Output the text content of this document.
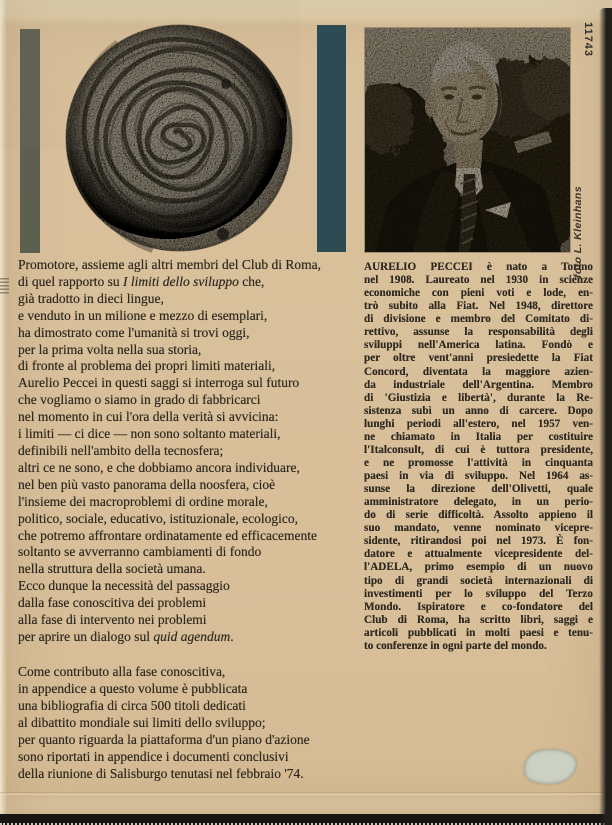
11743
foto L. Kleinhans
Promotore, assieme agli altri membri del Club di Roma,
di quel rapporto su I limiti dello sviluppo che,
già tradotto in dieci lingue,
e venduto in un milione e mezzo di esemplari,
ha dimostrato come l'umanità si trovi oggi,
per la prima volta nella sua storia,
di fronte al problema dei propri limiti materiali,
Aurelio Peccei in questi saggi si interroga sul futuro
che vogliamo o siamo in grado di fabbricarci
nel momento in cui l'ora della verità si avvicina:
i limiti — ci dice — non sono soltanto materiali,
definibili nell'ambito della tecnosfera;
altri ce ne sono, e che dobbiamo ancora individuare,
nel ben più vasto panorama della noosfera, cioè
l'insieme dei macroproblemi di ordine morale,
politico, sociale, educativo, istituzionale, ecologico,
che potremo affrontare ordinatamente ed efficacemente
soltanto se avverranno cambiamenti di fondo
nella struttura della società umana.
Ecco dunque la necessità del passaggio
dalla fase conoscitiva dei problemi
alla fase di intervento nei problemi
per aprire un dialogo sul quid agendum.
AURELIO PECCEI è nato a Torino
nel 1908. Laureato nel 1930 in scienze
economiche con pieni voti e lode, en-
trò subito alla Fiat. Nel 1948, direttore
di divisione e membro del Comitato di-
rettivo, assunse la responsabilità degli
sviluppi nell'America latina. Fondò e
per oltre vent'anni presiedette la Fiat
Concord, diventata la maggiore azien-
da industriale dell'Argentina. Membro
di 'Giustizia e libertà', durante la Re-
sistenza subì un anno di carcere. Dopo
lunghi periodi all'estero, nel 1957 ven-
ne chiamato in Italia per costituire
l'Italconsult, di cui è tuttora presidente,
e ne promosse l'attività in cinquanta
paesi in via di sviluppo. Nel 1964 as-
sunse la direzione dell'Olivetti, quale
amministratore delegato, in un perio-
do di serie difficoltà. Assolto appieno il
suo mandato, venne nominato vicepre-
sidente, ritirandosi poi nel 1973. È fon-
datore e attualmente vicepresidente del-
l'ADELA, primo esempio di un nuovo
tipo di grandi società internazionali di
investimenti per lo sviluppo del Terzo
Mondo. Ispiratore e co-fondatore del
Club di Roma, ha scritto libri, saggi e
articoli pubblicati in molti paesi e tenu-
to conferenze in ogni parte del mondo.
Come contributo alla fase conoscitiva,
in appendice a questo volume è pubblicata
una bibliografia di circa 500 titoli dedicati
al dibattito mondiale sui limiti dello sviluppo;
per quanto riguarda la piattaforma d'un piano d'azione
sono riportati in appendice i documenti conclusivi
della riunione di Salisburgo tenutasi nel febbraio '74.
